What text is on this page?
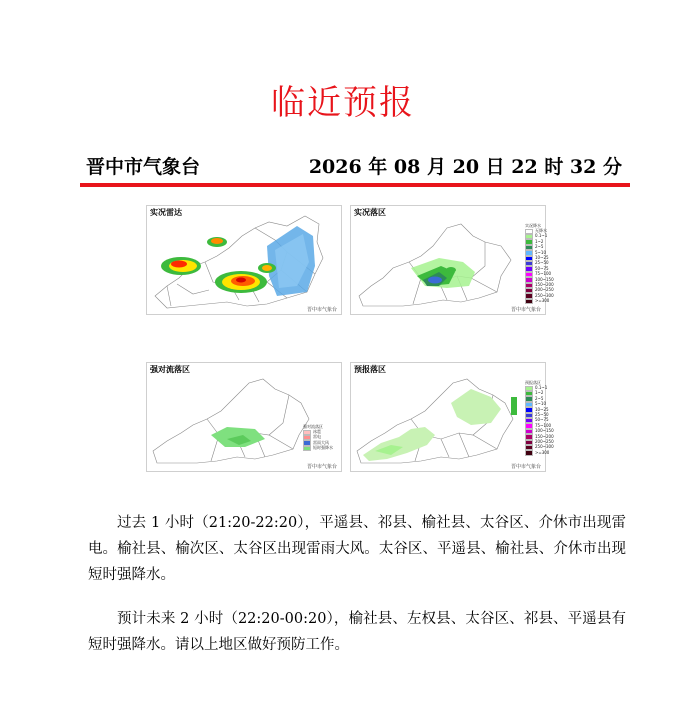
临近预报
晋中市气象台	2026 年 08 月 20 日 22 时 32 分
实况雷达
晋中市气象台
实况落区
实况降水
无降水
0.1~1
1~2
2~5
5~10
10~25
25~50
50~75
75~100
100~150
150~200
200~250
250~300
>=300
晋中市气象台
强对流落区
强对流落区
冰雹
雷电
雷雨大风
短时强降水
晋中市气象台
预报落区
预报落区
0.1~1
1~2
2~5
5~10
10~25
25~50
50~75
75~100
100~150
150~200
200~250
250~300
>=300
晋中市气象台

过去 1 小时（21:20-22:20），平遥县、祁县、榆社县、太谷区、介休市出现雷电。榆社县、榆次区、太谷区出现雷雨大风。太谷区、平遥县、榆社县、介休市出现短时强降水。

预计未来 2 小时（22:20-00:20），榆社县、左权县、太谷区、祁县、平遥县有短时强降水。请以上地区做好预防工作。
